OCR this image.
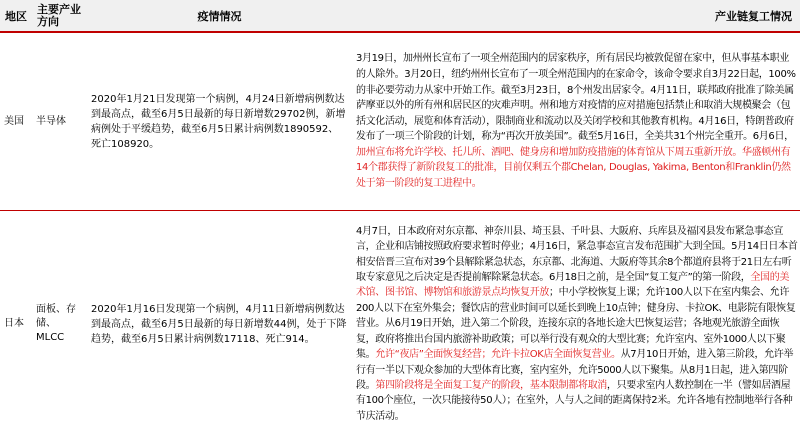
地区	主要产业方向	疫情情况	产业链复工情况
美国	半导体	2020年1月21日发现第一个病例，4月24日新增病例数达到最高点，截至6月5日最新的每日新增数29702例，新增病例处于平缓趋势，截至6月5日累计病例数1890592、死亡108920。	3月19日，加州州长宣布了一项全州范围内的居家秩序，所有居民均被敦促留在家中，但从事基本职业的人除外。3月20日，纽约州州长宣布了一项全州范围内的在家命令，该命令要求自3月22日起，100%的非必要劳动力从家中开始工作。截至3月23日，8个州发出居家令。4月11日，联邦政府批准了除美属萨摩亚以外的所有州和居民区的灾难声明。州和地方对疫情的应对措施包括禁止和取消大规模聚会（包括文化活动，展览和体育活动），限制商业和流动以及关闭学校和其他教育机构。4月16日，特朗普政府发布了一项三个阶段的计划，称为“再次开放美国”。截至5月16日，全美共31个州完全重开。6月6日，加州宣布将允许学校、托儿所、酒吧、健身房和增加防疫措施的体育馆从下周五重新开放。华盛顿州有14个郡获得了新阶段复工的批准，目前仅剩五个郡Chelan, Douglas, Yakima, Benton和Franklin仍然处于第一阶段的复工进程中。
日本	面板、存储、MLCC	2020年1月16日发现第一个病例，4月11日新增病例数达到最高点，截至6月5日最新的每日新增数44例，处于下降趋势，截至6月5日累计病例数17118、死亡914。	4月7日，日本政府对东京都、神奈川县、埼玉县、千叶县、大阪府、兵库县及福冈县发布紧急事态宣言，企业和店铺按照政府要求暂时停业；4月16日，紧急事态宣言发布范围扩大到全国。5月14日日本首相安倍晋三宣布对39个县解除紧急状态，东京都、北海道、大阪府等其余8个都道府县将于21日左右听取专家意见之后决定是否提前解除紧急状态。6月18日之前，是全国“复工复产”的第一阶段，全国的美术馆、图书馆、博物馆和旅游景点均恢复开放；中小学校恢复上课；允许100人以下在室内集会、允许200人以下在室外集会；餐饮店的营业时间可以延长到晚上10点钟；健身房、卡拉OK、电影院有限恢复营业。从6月19日开始，进入第二个阶段，连接东京的各地长途大巴恢复运营；各地观光旅游全面恢复，政府将推出台国内旅游补助政策；可以举行没有观众的大型比赛；允许室内、室外1000人以下聚集。允许“夜店”全面恢复经营；允许卡拉OK店全面恢复营业。从7月10日开始，进入第三阶段，允许举行有一半以下观众参加的大型体育比赛，室内室外，允许5000人以下聚集。从8月1日起，进入第四阶段。第四阶段将是全面复工复产的阶段，基本限制都将取消，只要求室内人数控制在一半（譬如居酒屋有100个座位，一次只能接待50人）；在室外，人与人之间的距离保持2米。允许各地有控制地举行各种节庆活动。
